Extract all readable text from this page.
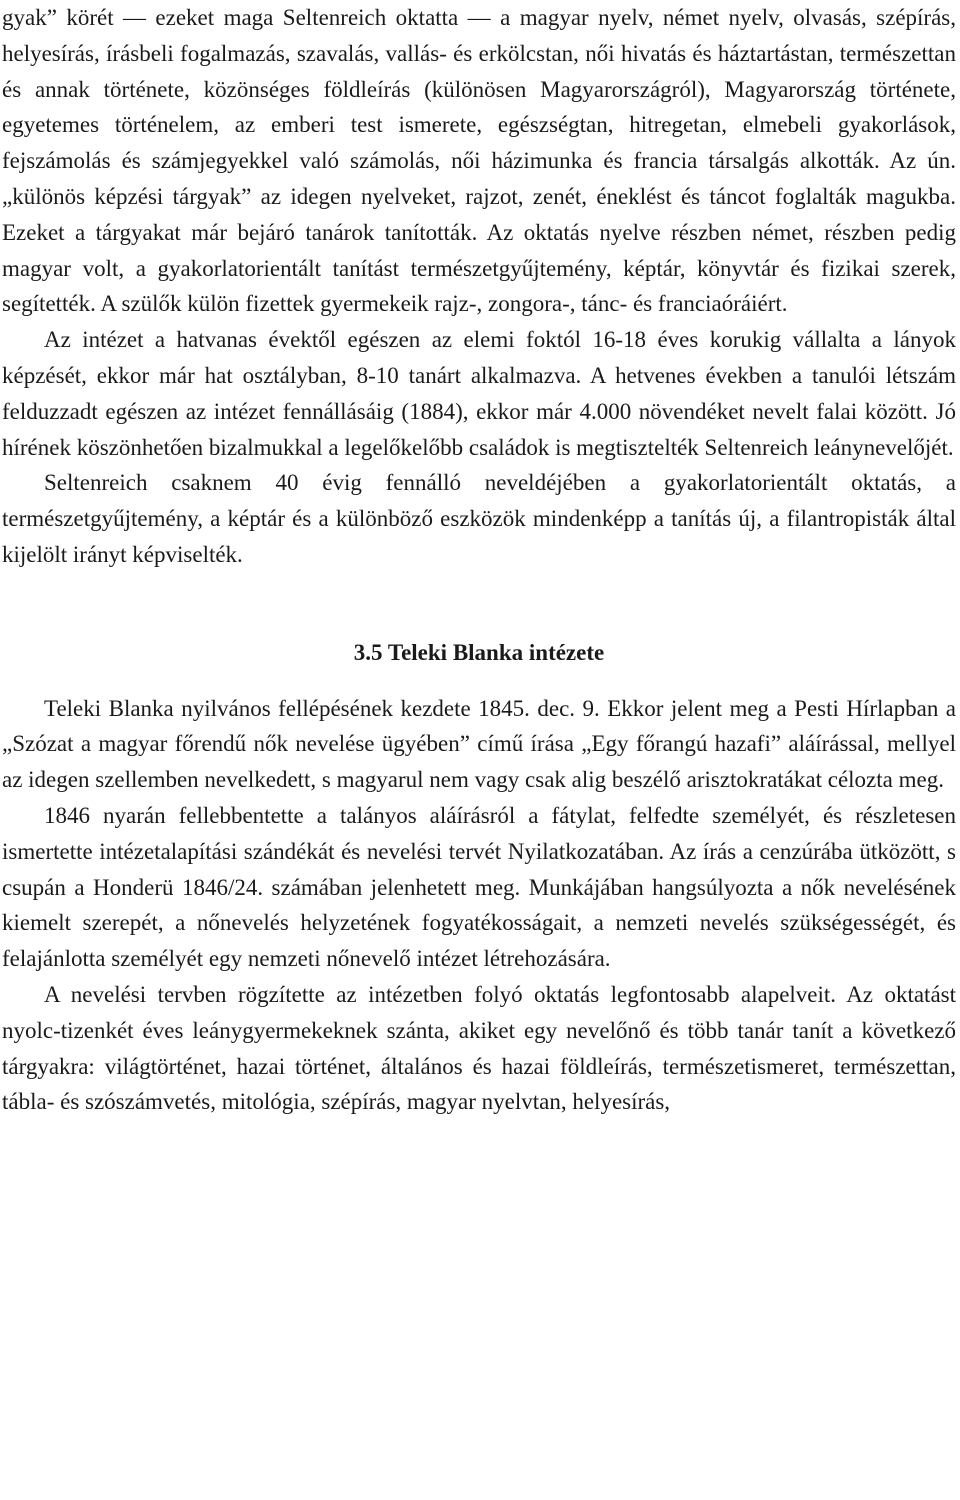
gyak” körét — ezeket maga Seltenreich oktatta — a magyar nyelv, német nyelv, olvasás, szépírás, helyesírás, írásbeli fogalmazás, szavalás, vallás- és erkölcstan, női hivatás és háztartástan, természettan és annak története, közönséges földleírás (különösen Magyarországról), Magyarország története, egyetemes történelem, az emberi test ismerete, egészségtan, hitregetan, elmebeli gyakorlások, fejszámolás és számjegyekkel való számolás, női házimunka és francia társalgás alkották. Az ún. „különös képzési tárgyak” az idegen nyelveket, rajzot, zenét, éneklést és táncot foglalták magukba. Ezeket a tárgyakat már bejáró tanárok tanították. Az oktatás nyelve részben német, részben pedig magyar volt, a gyakorlatorientált tanítást természetgyűjtemény, képtár, könyvtár és fizikai szerek, segítették. A szülők külön fizettek gyermekeik rajz-, zongora-, tánc- és franciaóráiért.

Az intézet a hatvanas évektől egészen az elemi foktól 16-18 éves korukig vállalta a lányok képzését, ekkor már hat osztályban, 8-10 tanárt alkalmazva. A hetvenes években a tanulói létszám felduzzadt egészen az intézet fennállásáig (1884), ekkor már 4.000 növendéket nevelt falai között. Jó hírének köszönhetően bizalmukkal a legelőkelőbb családok is megtisztelték Seltenreich leánynevelőjét.

Seltenreich csaknem 40 évig fennálló neveldéjében a gyakorlatorientált oktatás, a természetgyűjtemény, a képtár és a különböző eszközök mindenképp a tanítás új, a filantropisták által kijelölt irányt képviselték.

3.5 Teleki Blanka intézete

Teleki Blanka nyilvános fellépésének kezdete 1845. dec. 9. Ekkor jelent meg a Pesti Hírlapban a „Szózat a magyar főrendű nők nevelése ügyében” című írása „Egy főrangú hazafi” aláírással, mellyel az idegen szellemben nevelkedett, s magyarul nem vagy csak alig beszélő arisztokratákat célozta meg.

1846 nyarán fellebbentette a talányos aláírásról a fátylat, felfedte személyét, és részletesen ismertette intézetalapítási szándékát és nevelési tervét Nyilatkozatában. Az írás a cenzúrába ütközött, s csupán a Honderü 1846/24. számában jelenhetett meg. Munkájában hangsúlyozta a nők nevelésének kiemelt szerepét, a nőnevelés helyzetének fogyatékosságait, a nemzeti nevelés szükségességét, és felajánlotta személyét egy nemzeti nőnevelő intézet létrehozására.

A nevelési tervben rögzítette az intézetben folyó oktatás legfontosabb alapelveit. Az oktatást nyolc-tizenkét éves leánygyermekeknek szánta, akiket egy nevelőnő és több tanár tanít a következő tárgyakra: világtörténet, hazai történet, általános és hazai földleírás, természetismeret, természettan, tábla- és szószámvetés, mitológia, szépírás, magyar nyelvtan, helyesírás,
